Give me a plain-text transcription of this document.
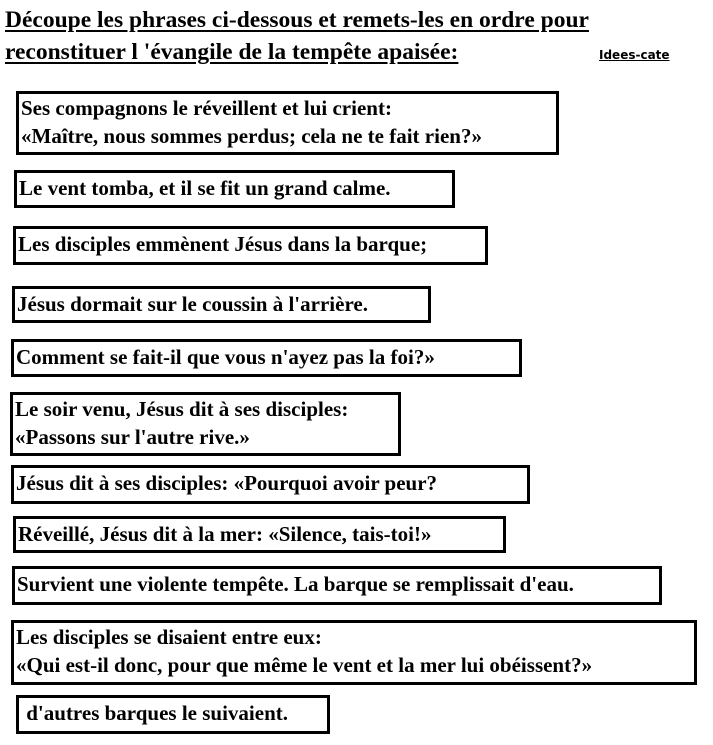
Découpe les phrases ci-dessous et remets-les en ordre pour
reconstituer l 'évangile de la tempête apaisée:	Idees-cate
Ses compagnons le réveillent et lui crient:
«Maître, nous sommes perdus; cela ne te fait rien?»
Le vent tomba, et il se fit un grand calme.
Les disciples emmènent Jésus dans la barque;
Jésus dormait sur le coussin à l'arrière.
Comment se fait-il que vous n'ayez pas la foi?»
Le soir venu, Jésus dit à ses disciples:
«Passons sur l'autre rive.»
Jésus dit à ses disciples: «Pourquoi avoir peur?
Réveillé, Jésus dit à la mer: «Silence, tais-toi!»
Survient une violente tempête. La barque se remplissait d'eau.
Les disciples se disaient entre eux:
«Qui est-il donc, pour que même le vent et la mer lui obéissent?»
d'autres barques le suivaient.
